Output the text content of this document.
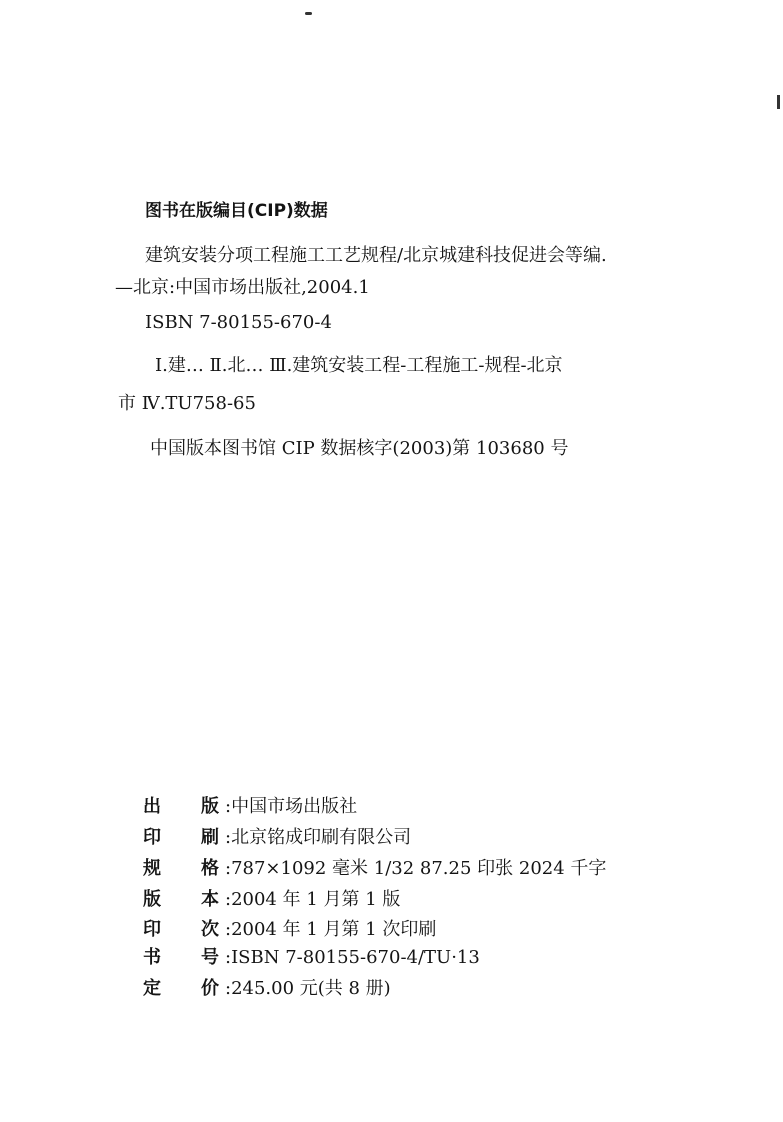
图书在版编目(CIP)数据
建筑安装分项工程施工工艺规程/北京城建科技促进会等编.
—北京:中国市场出版社,2004.1
ISBN 7-80155-670-4
Ⅰ.建… Ⅱ.北… Ⅲ.建筑安装工程-工程施工-规程-北京
市 Ⅳ.TU758-65
中国版本图书馆 CIP 数据核字(2003)第 103680 号
出 版 :中国市场出版社
印 刷 :北京铭成印刷有限公司
规 格 :787×1092 毫米 1/32 87.25 印张 2024 千字
版 本 :2004 年 1 月第 1 版
印 次 :2004 年 1 月第 1 次印刷
书 号 :ISBN 7-80155-670-4/TU·13
定 价 :245.00 元(共 8 册)
